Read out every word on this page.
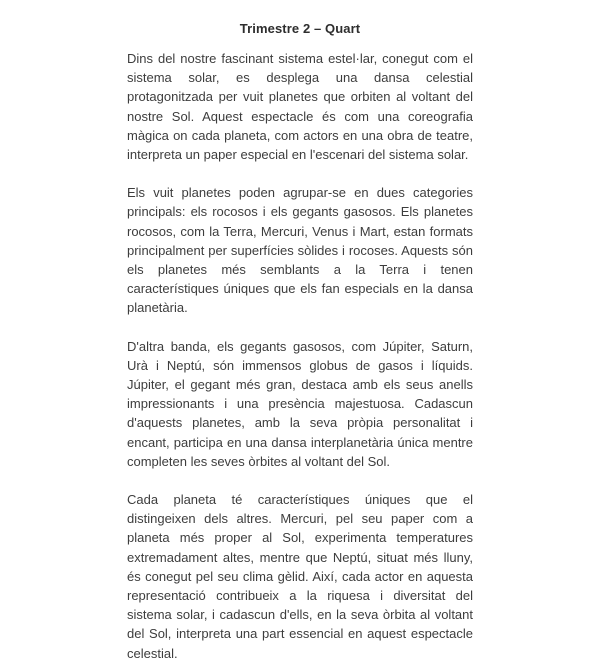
Trimestre 2 – Quart

Dins del nostre fascinant sistema estel·lar, conegut com el sistema solar, es desplega una dansa celestial protagonitzada per vuit planetes que orbiten al voltant del nostre Sol. Aquest espectacle és com una coreografia màgica on cada planeta, com actors en una obra de teatre, interpreta un paper especial en l'escenari del sistema solar.

Els vuit planetes poden agrupar-se en dues categories principals: els rocosos i els gegants gasosos. Els planetes rocosos, com la Terra, Mercuri, Venus i Mart, estan formats principalment per superfícies sòlides i rocoses. Aquests són els planetes més semblants a la Terra i tenen característiques úniques que els fan especials en la dansa planetària.

D'altra banda, els gegants gasosos, com Júpiter, Saturn, Urà i Neptú, són immensos globus de gasos i líquids. Júpiter, el gegant més gran, destaca amb els seus anells impressionants i una presència majestuosa. Cadascun d'aquests planetes, amb la seva pròpia personalitat i encant, participa en una dansa interplanetària única mentre completen les seves òrbites al voltant del Sol.

Cada planeta té característiques úniques que el distingeixen dels altres. Mercuri, pel seu paper com a planeta més proper al Sol, experimenta temperatures extremadament altes, mentre que Neptú, situat més lluny, és conegut pel seu clima gèlid. Així, cada actor en aquesta representació contribueix a la riquesa i diversitat del sistema solar, i cadascun d'ells, en la seva òrbita al voltant del Sol, interpreta una part essencial en aquest espectacle celestial.
